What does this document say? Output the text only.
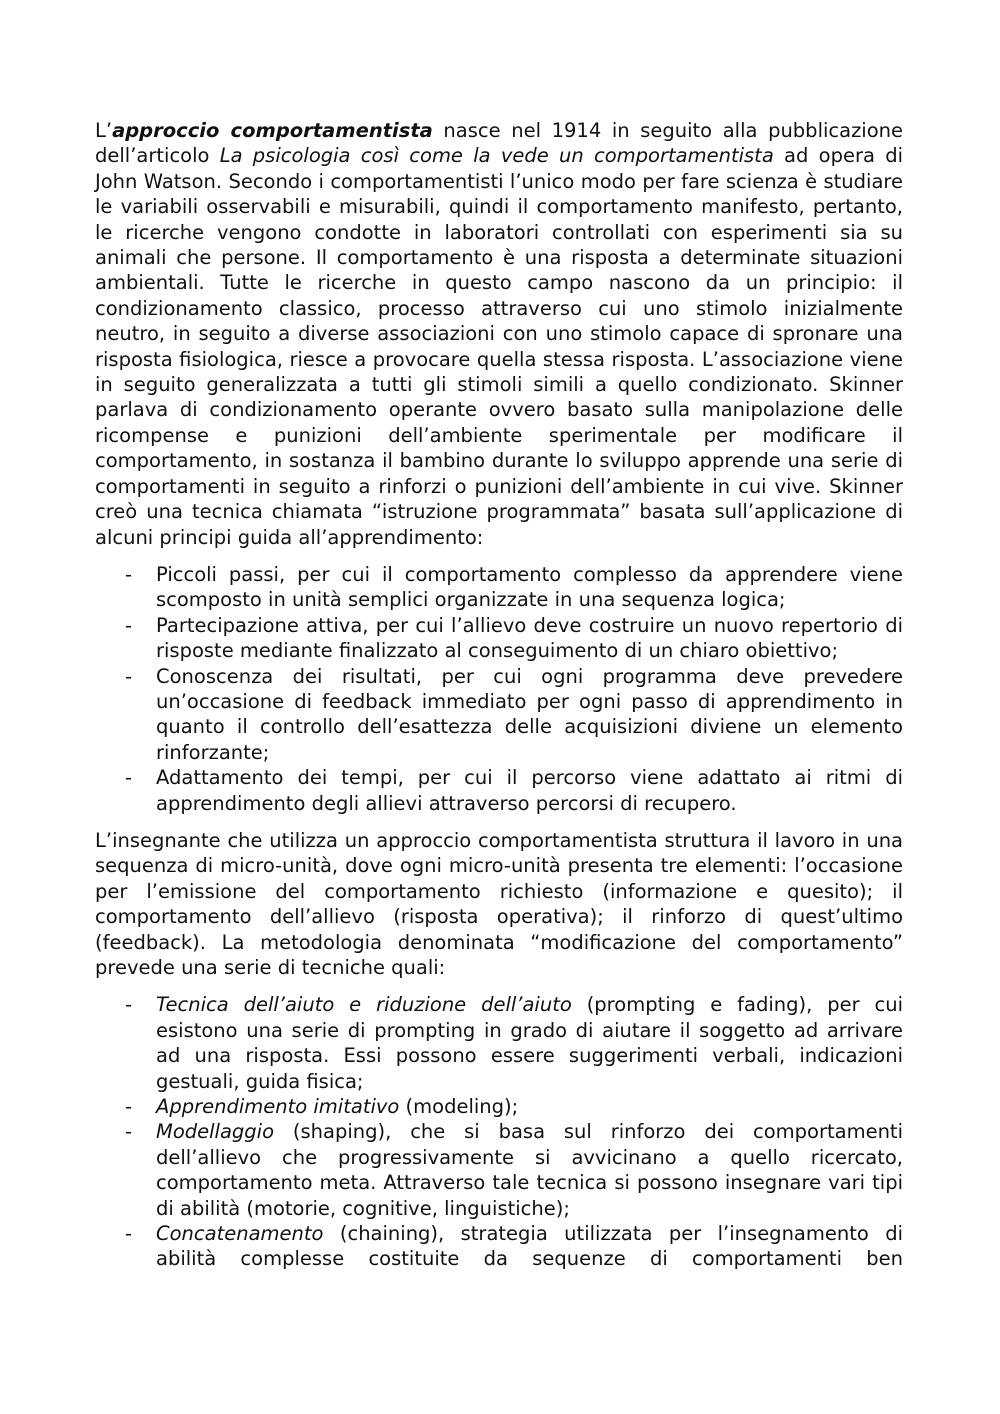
L’approccio comportamentista nasce nel 1914 in seguito alla pubblicazione dell’articolo La psicologia così come la vede un comportamentista ad opera di John Watson. Secondo i comportamentisti l’unico modo per fare scienza è studiare le variabili osservabili e misurabili, quindi il comportamento manifesto, pertanto, le ricerche vengono condotte in laboratori controllati con esperimenti sia su animali che persone. Il comportamento è una risposta a determinate situazioni ambientali. Tutte le ricerche in questo campo nascono da un principio: il condizionamento classico, processo attraverso cui uno stimolo inizialmente neutro, in seguito a diverse associazioni con uno stimolo capace di spronare una risposta fisiologica, riesce a provocare quella stessa risposta. L’associazione viene in seguito generalizzata a tutti gli stimoli simili a quello condizionato. Skinner parlava di condizionamento operante ovvero basato sulla manipolazione delle ricompense e punizioni dell’ambiente sperimentale per modificare il comportamento, in sostanza il bambino durante lo sviluppo apprende una serie di comportamenti in seguito a rinforzi o punizioni dell’ambiente in cui vive. Skinner creò una tecnica chiamata “istruzione programmata” basata sull’applicazione di alcuni principi guida all’apprendimento:

- Piccoli passi, per cui il comportamento complesso da apprendere viene scomposto in unità semplici organizzate in una sequenza logica;
- Partecipazione attiva, per cui l’allievo deve costruire un nuovo repertorio di risposte mediante finalizzato al conseguimento di un chiaro obiettivo;
- Conoscenza dei risultati, per cui ogni programma deve prevedere un’occasione di feedback immediato per ogni passo di apprendimento in quanto il controllo dell’esattezza delle acquisizioni diviene un elemento rinforzante;
- Adattamento dei tempi, per cui il percorso viene adattato ai ritmi di apprendimento degli allievi attraverso percorsi di recupero.

L’insegnante che utilizza un approccio comportamentista struttura il lavoro in una sequenza di micro-unità, dove ogni micro-unità presenta tre elementi: l’occasione per l’emissione del comportamento richiesto (informazione e quesito); il comportamento dell’allievo (risposta operativa); il rinforzo di quest’ultimo (feedback). La metodologia denominata “modificazione del comportamento” prevede una serie di tecniche quali:

- Tecnica dell’aiuto e riduzione dell’aiuto (prompting e fading), per cui esistono una serie di prompting in grado di aiutare il soggetto ad arrivare ad una risposta. Essi possono essere suggerimenti verbali, indicazioni gestuali, guida fisica;
- Apprendimento imitativo (modeling);
- Modellaggio (shaping), che si basa sul rinforzo dei comportamenti dell’allievo che progressivamente si avvicinano a quello ricercato, comportamento meta. Attraverso tale tecnica si possono insegnare vari tipi di abilità (motorie, cognitive, linguistiche);
- Concatenamento (chaining), strategia utilizzata per l’insegnamento di abilità complesse costituite da sequenze di comportamenti ben
